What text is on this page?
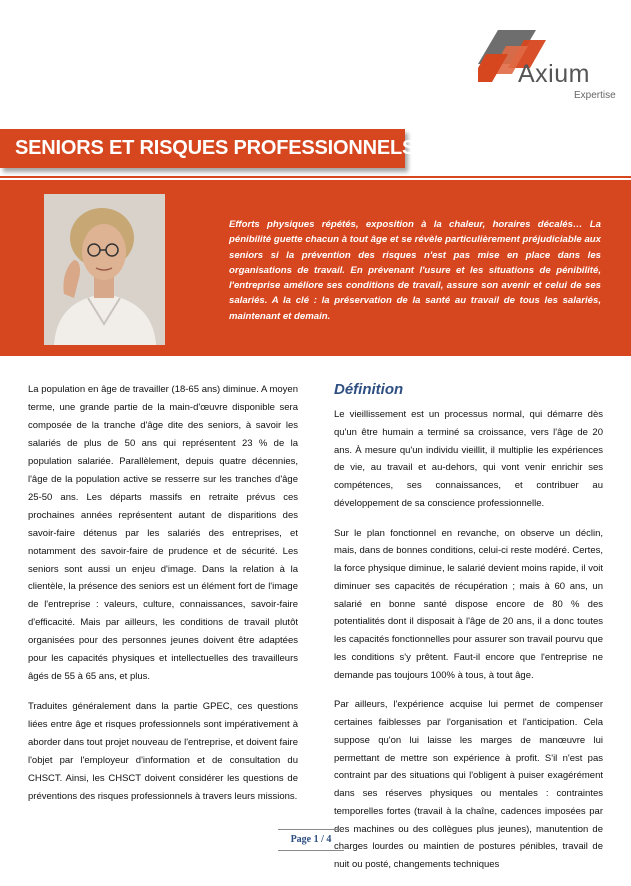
Axium
Expertise
SENIORS ET RISQUES PROFESSIONNELS

Efforts physiques répétés, exposition à la chaleur, horaires décalés… La pénibilité guette chacun à tout âge et se révèle particulièrement préjudiciable aux seniors si la prévention des risques n'est pas mise en place dans les organisations de travail. En prévenant l'usure et les situations de pénibilité, l'entreprise améliore ses conditions de travail, assure son avenir et celui de ses salariés. A la clé : la préservation de la santé au travail de tous les salariés, maintenant et demain.

La population en âge de travailler (18-65 ans) diminue. A moyen terme, une grande partie de la main-d'œuvre disponible sera composée de la tranche d'âge dite des seniors, à savoir les salariés de plus de 50 ans qui représentent 23 % de la population salariée. Parallèlement, depuis quatre décennies, l'âge de la population active se resserre sur les tranches d'âge 25-50 ans. Les départs massifs en retraite prévus ces prochaines années représentent autant de disparitions des savoir-faire détenus par les salariés des entreprises, et notamment des savoir-faire de prudence et de sécurité. Les seniors sont aussi un enjeu d'image. Dans la relation à la clientèle, la présence des seniors est un élément fort de l'image de l'entreprise : valeurs, culture, connaissances, savoir-faire d'efficacité. Mais par ailleurs, les conditions de travail plutôt organisées pour des personnes jeunes doivent être adaptées pour les capacités physiques et intellectuelles des travailleurs âgés de 55 à 65 ans, et plus.

Traduites généralement dans la partie GPEC, ces questions liées entre âge et risques professionnels sont impérativement à aborder dans tout projet nouveau de l'entreprise, et doivent faire l'objet par l'employeur d'information et de consultation du CHSCT. Ainsi, les CHSCT doivent considérer les questions de préventions des risques professionnels à travers leurs missions.

Définition

Le vieillissement est un processus normal, qui démarre dès qu'un être humain a terminé sa croissance, vers l'âge de 20 ans. À mesure qu'un individu vieillit, il multiplie les expériences de vie, au travail et au-dehors, qui vont venir enrichir ses compétences, ses connaissances, et contribuer au développement de sa conscience professionnelle.

Sur le plan fonctionnel en revanche, on observe un déclin, mais, dans de bonnes conditions, celui-ci reste modéré. Certes, la force physique diminue, le salarié devient moins rapide, il voit diminuer ses capacités de récupération ; mais à 60 ans, un salarié en bonne santé dispose encore de 80 % des potentialités dont il disposait à l'âge de 20 ans, il a donc toutes les capacités fonctionnelles pour assurer son travail pourvu que les conditions s'y prêtent. Faut-il encore que l'entreprise ne demande pas toujours 100% à tous, à tout âge.

Par ailleurs, l'expérience acquise lui permet de compenser certaines faiblesses par l'organisation et l'anticipation. Cela suppose qu'on lui laisse les marges de manœuvre lui permettant de mettre son expérience à profit. S'il n'est pas contraint par des situations qui l'obligent à puiser exagérément dans ses réserves physiques ou mentales : contraintes temporelles fortes (travail à la chaîne, cadences imposées par des machines ou des collègues plus jeunes), manutention de charges lourdes ou maintien de postures pénibles, travail de nuit ou posté, changements techniques

Page 1 / 4
